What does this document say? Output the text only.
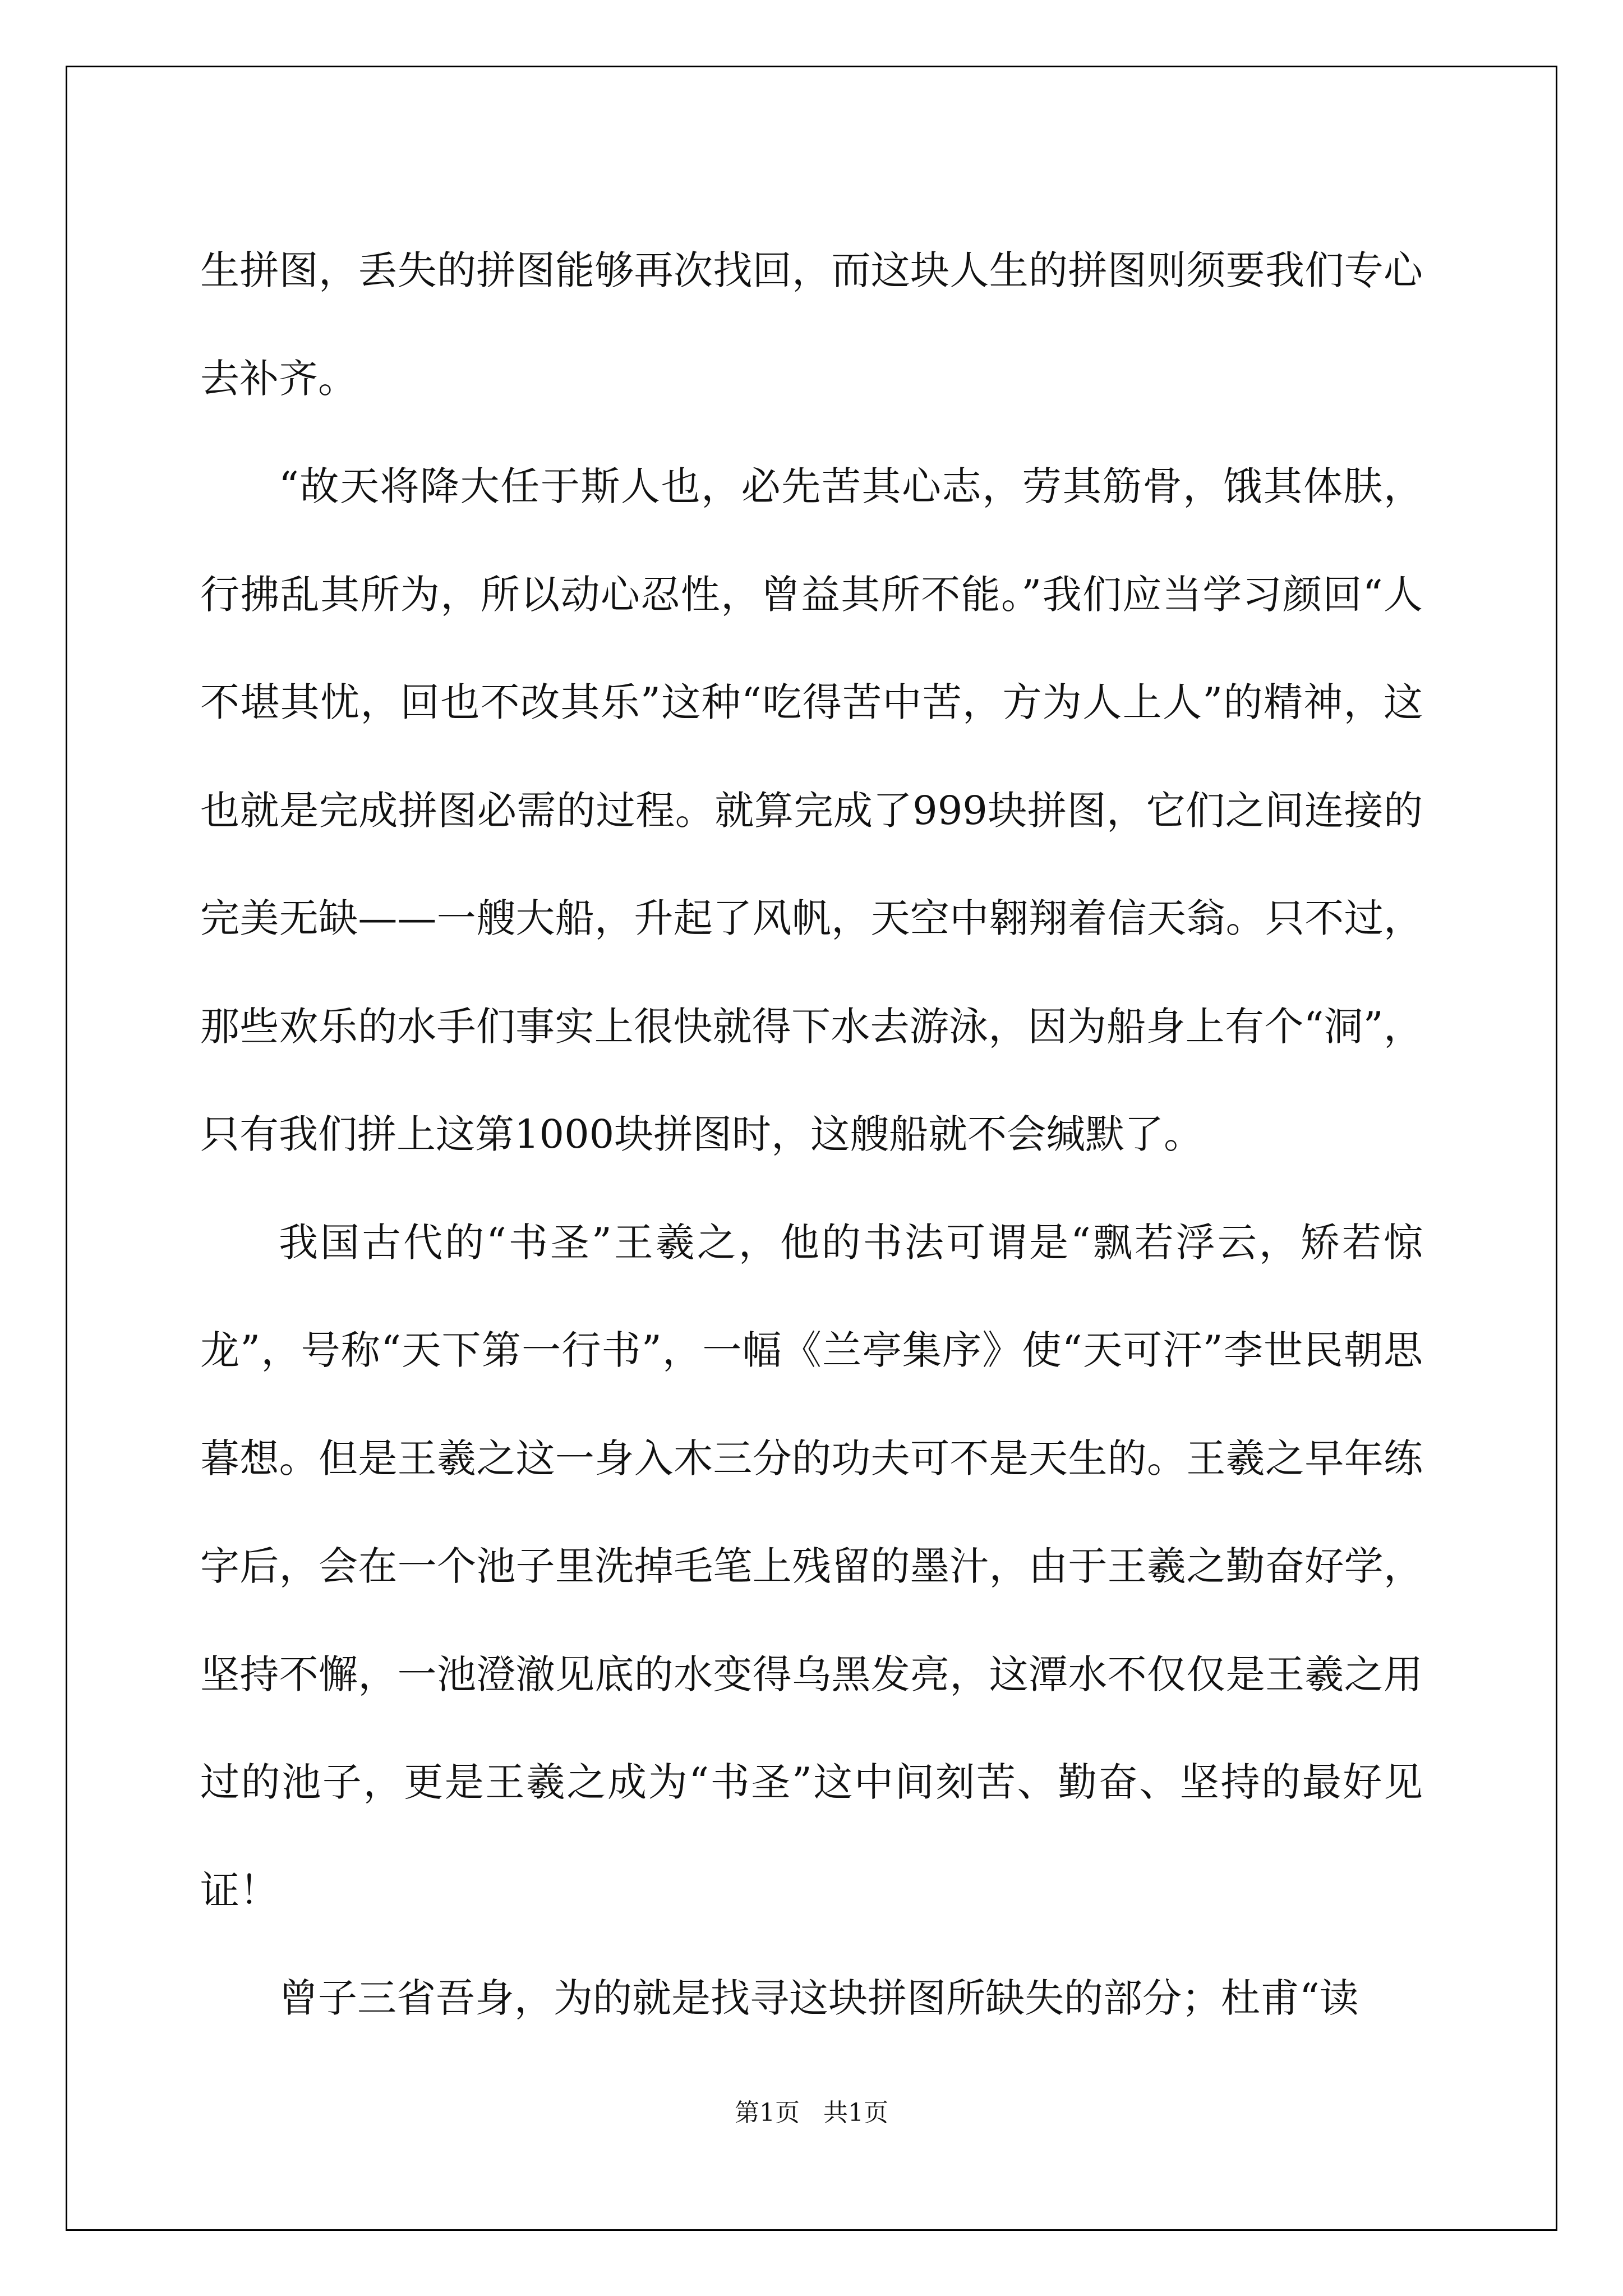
生拼图，丢失的拼图能够再次找回，而这块人生的拼图则须要我们专心去补齐。

“故天将降大任于斯人也，必先苦其心志，劳其筋骨，饿其体肤，行拂乱其所为，所以动心忍性，曾益其所不能。”我们应当学习颜回“人不堪其忧，回也不改其乐”这种“吃得苦中苦，方为人上人”的精神，这也就是完成拼图必需的过程。就算完成了999块拼图，它们之间连接的完美无缺——一艘大船，升起了风帆，天空中翱翔着信天翁。只不过，那些欢乐的水手们事实上很快就得下水去游泳，因为船身上有个“洞”，只有我们拼上这第1000块拼图时，这艘船就不会缄默了。

我国古代的“书圣”王羲之，他的书法可谓是“飘若浮云，矫若惊龙”，号称“天下第一行书”，一幅《兰亭集序》使“天可汗”李世民朝思暮想。但是王羲之这一身入木三分的功夫可不是天生的。王羲之早年练字后，会在一个池子里洗掉毛笔上残留的墨汁，由于王羲之勤奋好学，坚持不懈，一池澄澈见底的水变得乌黑发亮，这潭水不仅仅是王羲之用过的池子，更是王羲之成为“书圣”这中间刻苦、勤奋、坚持的最好见证！

曾子三省吾身，为的就是找寻这块拼图所缺失的部分；杜甫“读

第1页   共1页
